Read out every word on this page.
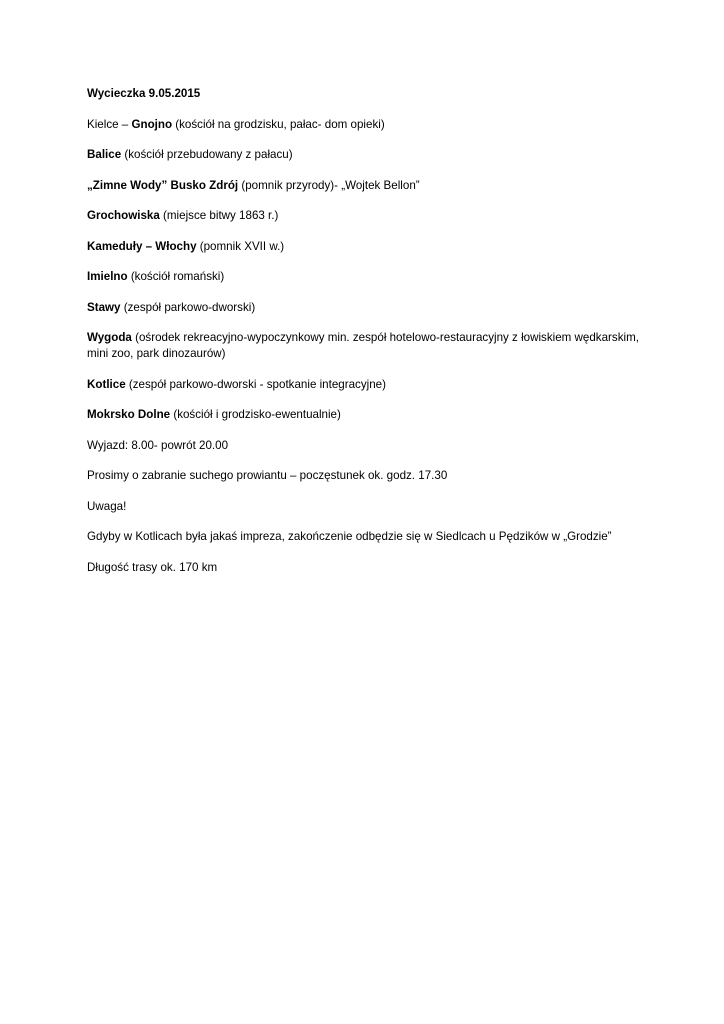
Wycieczka 9.05.2015

Kielce – Gnojno (kościół na grodzisku, pałac- dom opieki)

Balice (kościół przebudowany z pałacu)

„Zimne Wody” Busko Zdrój (pomnik przyrody)- „Wojtek Bellon”

Grochowiska (miejsce bitwy 1863 r.)

Kameduły – Włochy (pomnik XVII w.)

Imielno (kościół romański)

Stawy (zespół parkowo-dworski)

Wygoda (ośrodek rekreacyjno-wypoczynkowy min. zespół hotelowo-restauracyjny z łowiskiem wędkarskim, mini zoo, park dinozaurów)

Kotlice (zespół parkowo-dworski - spotkanie integracyjne)

Mokrsko Dolne (kościół i grodzisko-ewentualnie)

Wyjazd: 8.00- powrót 20.00

Prosimy o zabranie suchego prowiantu – poczęstunek ok. godz. 17.30

Uwaga!

Gdyby w Kotlicach była jakaś impreza, zakończenie odbędzie się w Siedlcach u Pędzików w „Grodzie”

Długość trasy ok. 170 km
